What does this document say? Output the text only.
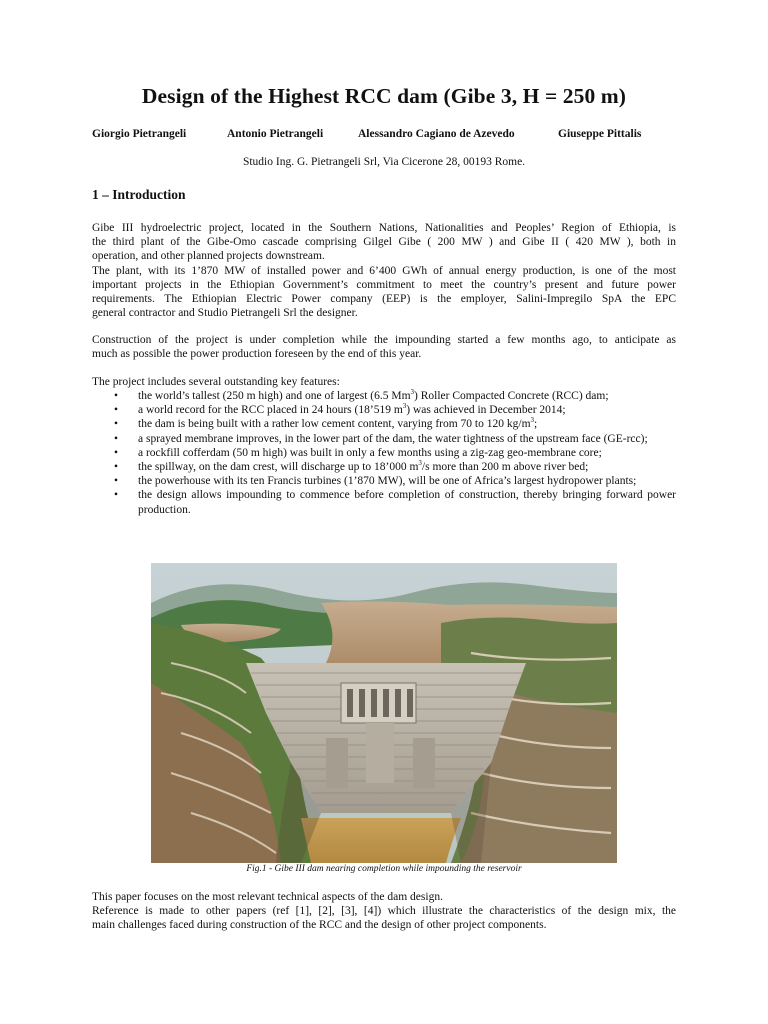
Design of the Highest RCC dam (Gibe 3, H = 250 m)
Giorgio Pietrangeli	Antonio Pietrangeli	Alessandro Cagiano de Azevedo	Giuseppe Pittalis
Studio Ing. G. Pietrangeli Srl, Via Cicerone 28, 00193 Rome.
1 – Introduction
Gibe III hydroelectric project, located in the Southern Nations, Nationalities and Peoples’ Region of Ethiopia, is
the third plant of the Gibe-Omo cascade comprising Gilgel Gibe ( 200 MW ) and Gibe II ( 420 MW ), both in
operation, and other planned projects downstream.
The plant, with its 1’870 MW of installed power and 6’400 GWh of annual energy production, is one of the most
important projects in the Ethiopian Government’s commitment to meet the country’s present and future power
requirements. The Ethiopian Electric Power company (EEP) is the employer, Salini-Impregilo SpA the EPC
general contractor and Studio Pietrangeli Srl the designer.
Construction of the project is under completion while the impounding started a few months ago, to anticipate as
much as possible the power production foreseen by the end of this year.
The project includes several outstanding key features:
• the world’s tallest (250 m high) and one of largest (6.5 Mm$^3$) Roller Compacted Concrete (RCC) dam;
• a world record for the RCC placed in 24 hours (18’519 $m^3$) was achieved in December 2014;
• the dam is being built with a rather low cement content, varying from 70 to 120 $kg/m^3$;
• a sprayed membrane improves, in the lower part of the dam, the water tightness of the upstream face (GE-rcc);
• a rockfill cofferdam (50 m high) was built in only a few months using a zig-zag geo-membrane core;
• the spillway, on the dam crest, will discharge up to 18’000 $m^3/s$ more than 200 m above river bed;
• the powerhouse with its ten Francis turbines (1’870 MW), will be one of Africa’s largest hydropower plants;
• the design allows impounding to commence before completion of construction, thereby bringing forward power production.
Fig.1 - Gibe III dam nearing completion while impounding the reservoir
This paper focuses on the most relevant technical aspects of the dam design.
Reference is made to other papers (ref [1], [2], [3], [4]) which illustrate the characteristics of the design mix, the
main challenges faced during construction of the RCC and the design of other project components.
